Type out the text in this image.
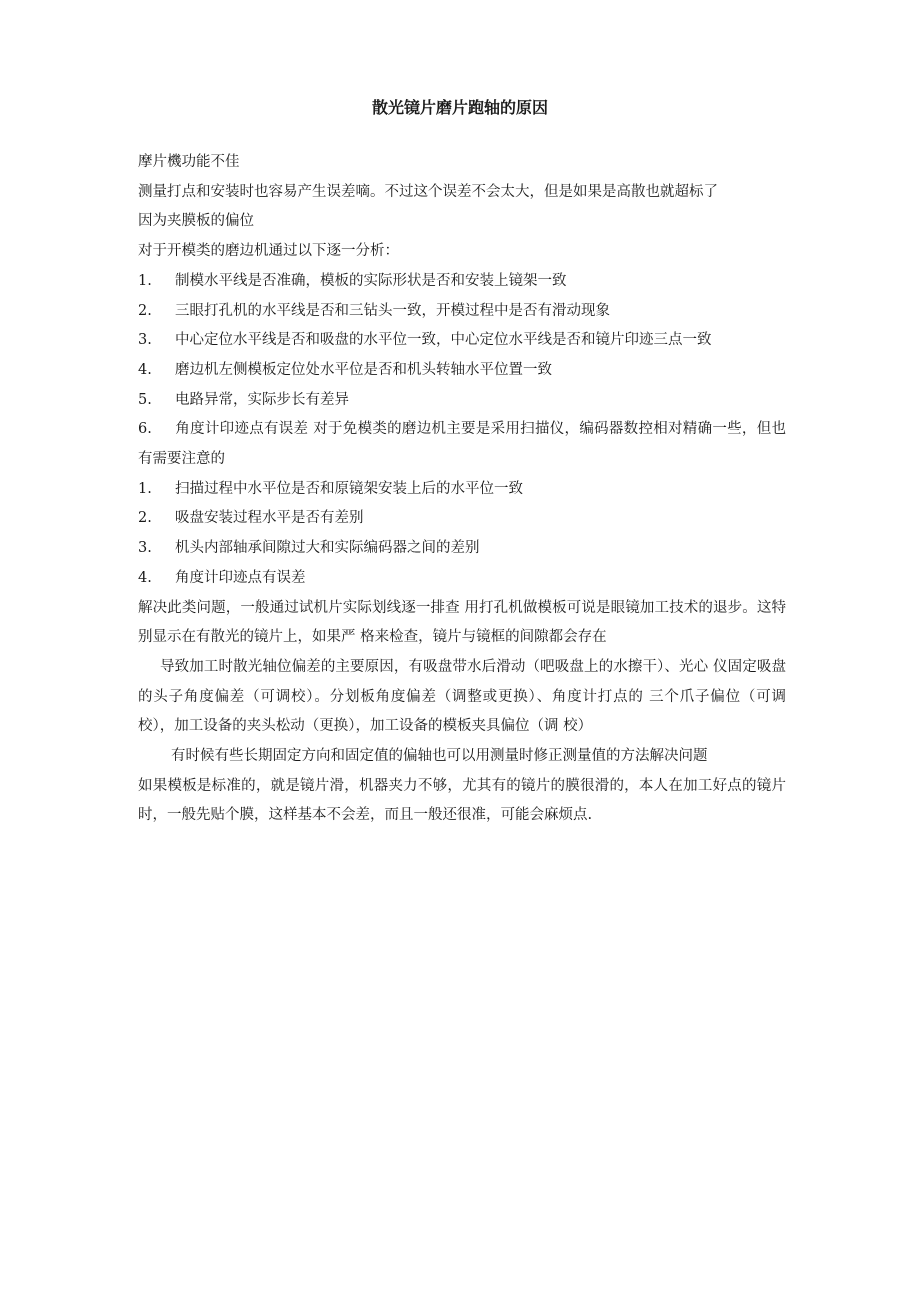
散光镜片磨片跑轴的原因

摩片機功能不佳

测量打点和安装时也容易产生误差嘀。不过这个误差不会太大，但是如果是高散也就超标了

因为夹膜板的偏位

对于开模类的磨边机通过以下逐一分析：

1. 制模水平线是否准确，模板的实际形状是否和安装上镜架一致

2. 三眼打孔机的水平线是否和三钻头一致，开模过程中是否有滑动现象

3. 中心定位水平线是否和吸盘的水平位一致，中心定位水平线是否和镜片印迹三点一致

4. 磨边机左侧模板定位处水平位是否和机头转轴水平位置一致

5. 电路异常，实际步长有差异

6. 角度计印迹点有误差 对于免模类的磨边机主要是采用扫描仪，编码器数控相对精确一些，但也有需要注意的

1. 扫描过程中水平位是否和原镜架安装上后的水平位一致

2. 吸盘安装过程水平是否有差别

3. 机头内部轴承间隙过大和实际编码器之间的差别

4. 角度计印迹点有误差

解决此类问题，一般通过试机片实际划线逐一排查 用打孔机做模板可说是眼镜加工技术的退步。这特别显示在有散光的镜片上，如果严 格来检查，镜片与镜框的间隙都会存在

导致加工时散光轴位偏差的主要原因，有吸盘带水后滑动（吧吸盘上的水擦干）、光心 仪固定吸盘的头子角度偏差（可调校）。分划板角度偏差（调整或更换）、角度计打点的 三个爪子偏位（可调校），加工设备的夹头松动（更换），加工设备的模板夹具偏位（调 校）

有时候有些长期固定方向和固定值的偏轴也可以用测量时修正测量值的方法解决问题

如果模板是标准的，就是镜片滑，机器夹力不够，尤其有的镜片的膜很滑的，本人在加工好点的镜片时，一般先贴个膜，这样基本不会差，而且一般还很准，可能会麻烦点.
